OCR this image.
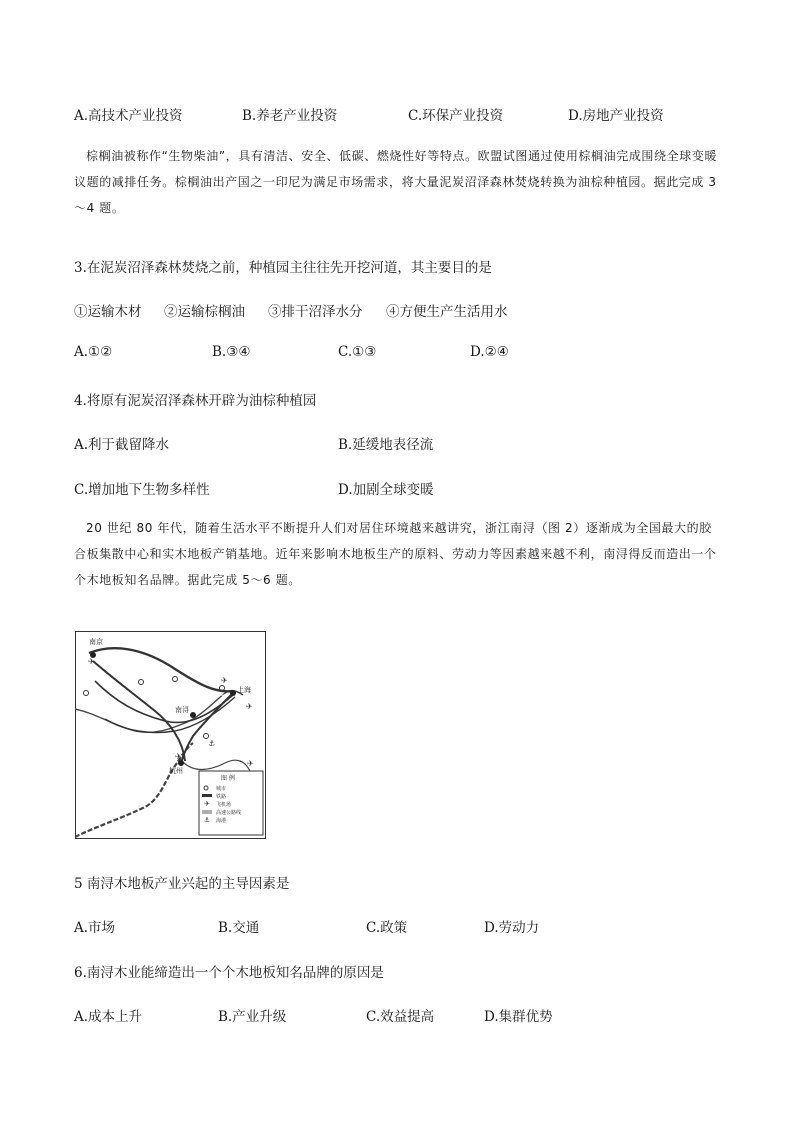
A.高技术产业投资	B.养老产业投资	C.环保产业投资	D.房地产业投资
棕榈油被称作“生物柴油”，具有清洁、安全、低碳、燃烧性好等特点。欧盟试图通过使用棕榈油完成围绕全球变暖议题的减排任务。棕榈油出产国之一印尼为满足市场需求，将大量泥炭沼泽森林焚烧转换为油棕种植园。据此完成 3～4 题。
3.在泥炭沼泽森林焚烧之前，种植园主往往先开挖河道，其主要目的是
①运输木材 ②运输棕榈油 ③排干沼泽水分 ④方便生产生活用水
A.①②	B.③④	C.①③	D.②④
4.将原有泥炭沼泽森林开辟为油棕种植园
A.利于截留降水	B.延缓地表径流
C.增加地下生物多样性	D.加剧全球变暖
20 世纪 80 年代，随着生活水平不断提升人们对居住环境越来越讲究，浙江南浔（图 2）逐渐成为全国最大的胶合板集散中心和实木地板产销基地。近年来影响木地板生产的原料、劳动力等因素越来越不利，南浔得反而造出一个个木地板知名品牌。据此完成 5～6 题。
✈
⚓
✈
✈
✈
✈
✈
⚓
南京
上海
南浔
杭州
图 例
城市
铁路
飞机场
高速公路线
海港
5 南浔木地板产业兴起的主导因素是
A.市场	B.交通	C.政策	D.劳动力
6.南浔木业能缔造出一个个木地板知名品牌的原因是
A.成本上升	B.产业升级	C.效益提高	D.集群优势
